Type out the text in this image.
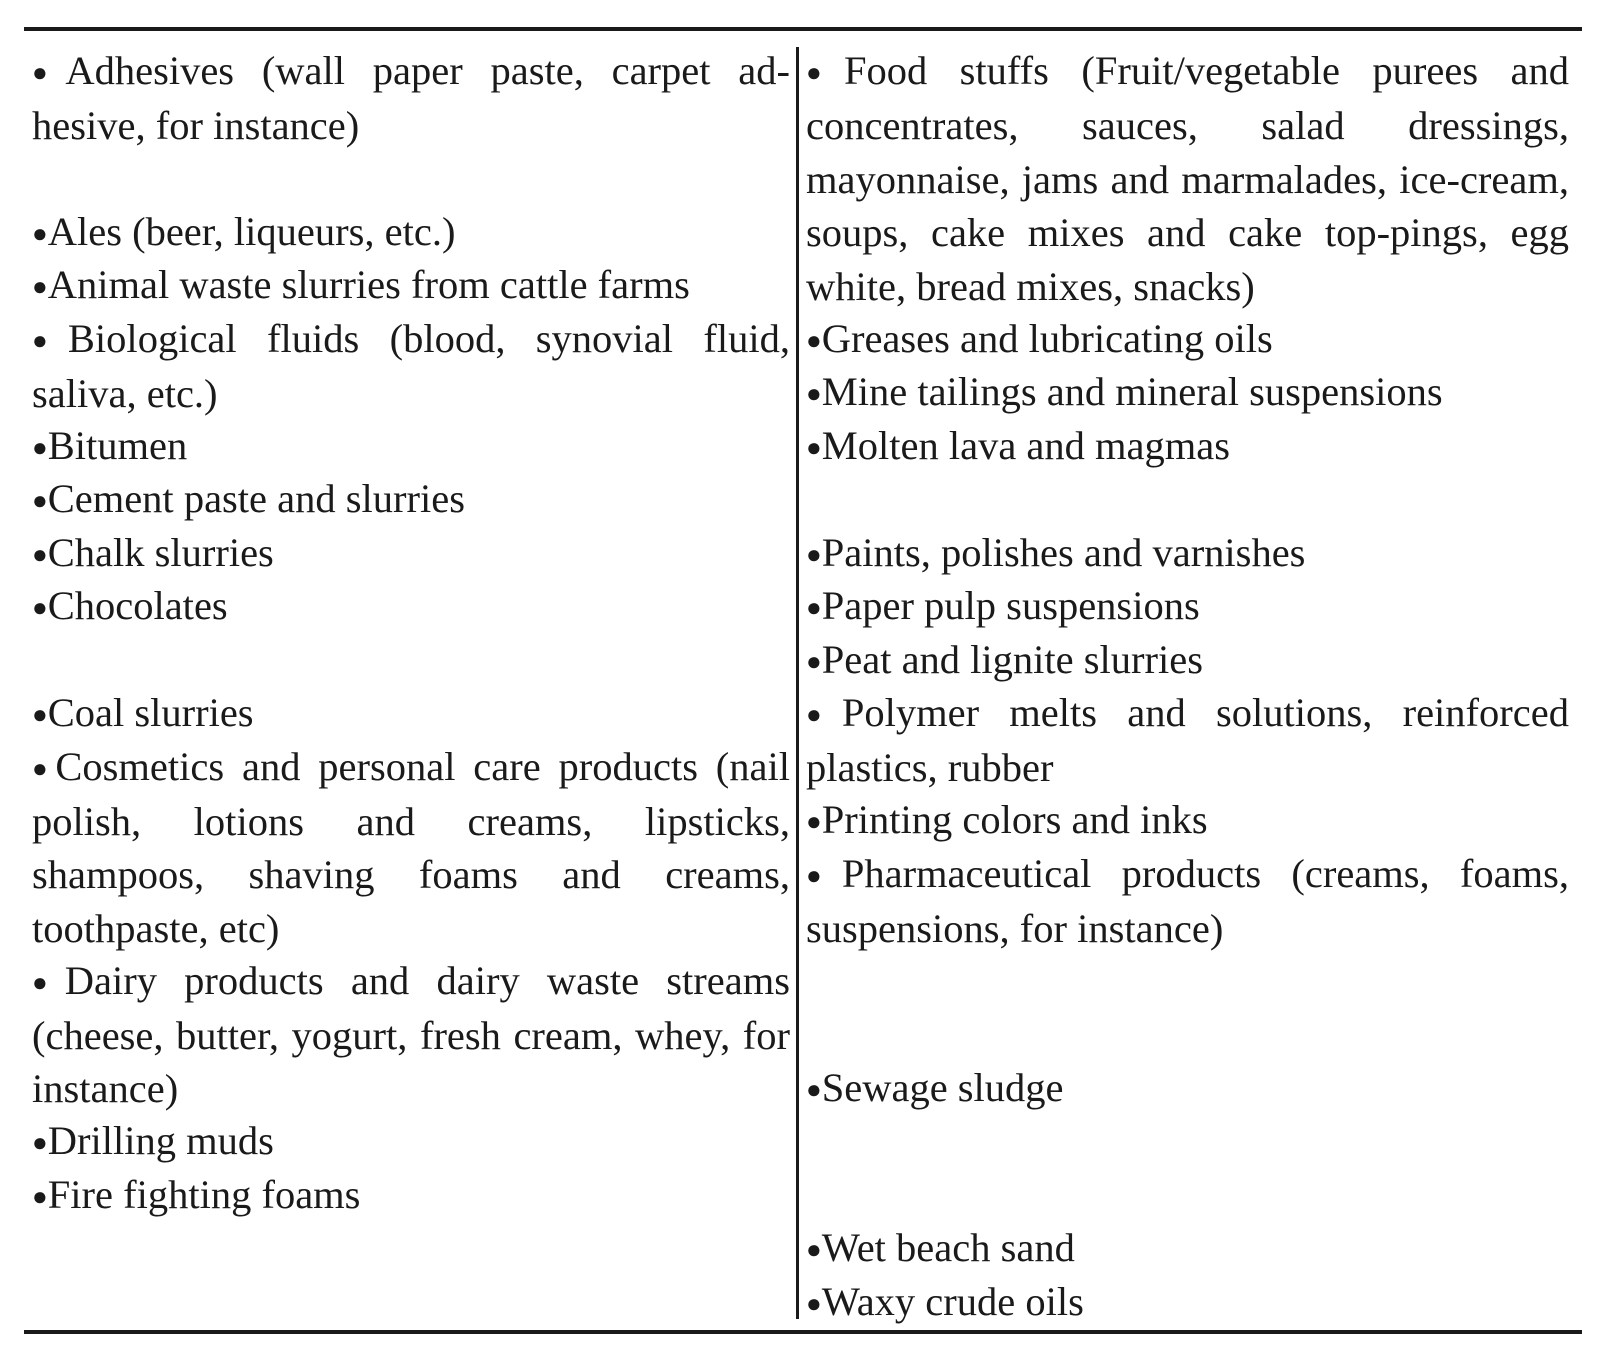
●Adhesives (wall paper paste, carpet ad-hesive, for instance)

●Ales (beer, liqueurs, etc.)

●Animal waste slurries from cattle farms

●Biological fluids (blood, synovial fluid, saliva, etc.)

●Bitumen

●Cement paste and slurries

●Chalk slurries

●Chocolates

●Coal slurries

●Cosmetics and personal care products (nail polish, lotions and creams, lipsticks, shampoos, shaving foams and creams, toothpaste, etc)

●Dairy products and dairy waste streams (cheese, butter, yogurt, fresh cream, whey, for instance)

●Drilling muds

●Fire fighting foams

●Food stuffs (Fruit/vegetable purees and concentrates, sauces, salad dressings, mayonnaise, jams and marmalades, ice-cream, soups, cake mixes and cake top-pings, egg white, bread mixes, snacks)

●Greases and lubricating oils

●Mine tailings and mineral suspensions

●Molten lava and magmas

●Paints, polishes and varnishes

●Paper pulp suspensions

●Peat and lignite slurries

●Polymer melts and solutions, reinforced plastics, rubber

●Printing colors and inks

●Pharmaceutical products (creams, foams, suspensions, for instance)

●Sewage sludge

●Wet beach sand

●Waxy crude oils
